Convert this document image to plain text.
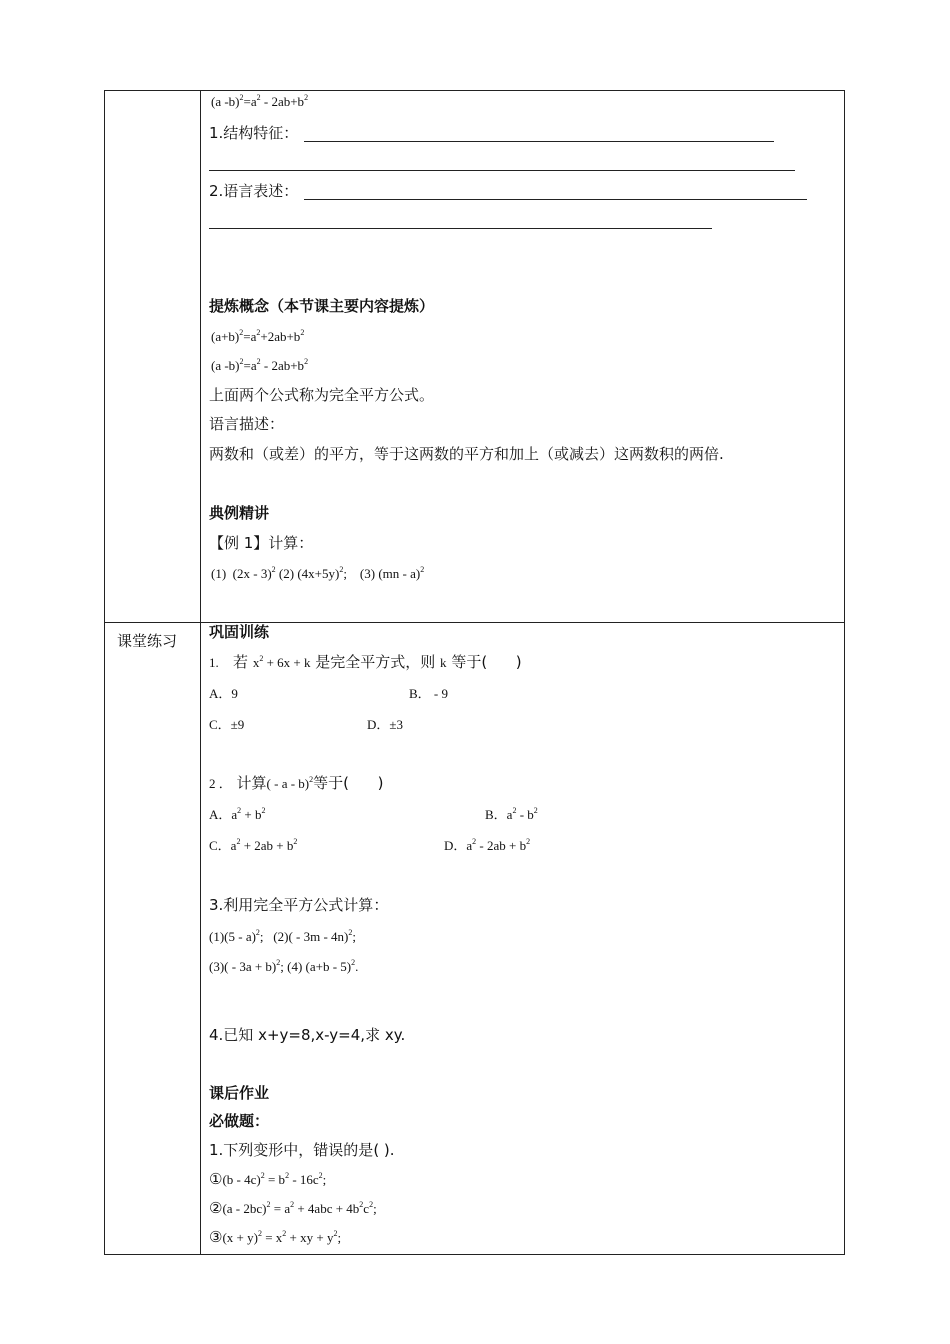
课堂练习
(a $-b)^2=a^2 - 2ab+b^2$
1.结构特征：
2.语言表述：
提炼概念（本节课主要内容提炼）
$(a+b)^2=a^2+2ab+b^2$
(a $-b)^2=a^2 - 2ab+b^2$
上面两个公式称为完全平方公式。
语言描述：
两数和（或差）的平方，等于这两数的平方和加上（或减去）这两数积的两倍.
典例精讲
【例 1】计算：
(1)  (2x - 3)$^2$ (2) $(4x+5y)^2$;    (3) (mn - a)$^2$
巩固训练
1.   若 $x^2 + 6x + k$ 是完全平方式，则 k 等于(      )
A．9	B． - 9
C．±9	D．±3
2 ． 计算( - a - b)$^2$等于(      )
A．$a^2 + b^2$	B．$a^2 - b^2$
C．$a^2 + 2ab + b^2$	D．$a^2 - 2ab + b^2$
3.利用完全平方公式计算：
(1)(5 - a)$^2$;   (2)( - 3m - 4n)$^2$;
$(3)( - 3a + b)^2$; (4) $(a+b - 5)^2$.
4.已知 x+y=8,x-y=4,求 xy.
课后作业
必做题：
1.下列变形中，错误的是( ).
①(b - $4c)^2 = b^2 - 16c^2$;
②(a - $2bc)^2 = a^2 + 4abc + 4b^2c^2$;
③(x + $y)^2 = x^2$ + xy + $y^2$;
